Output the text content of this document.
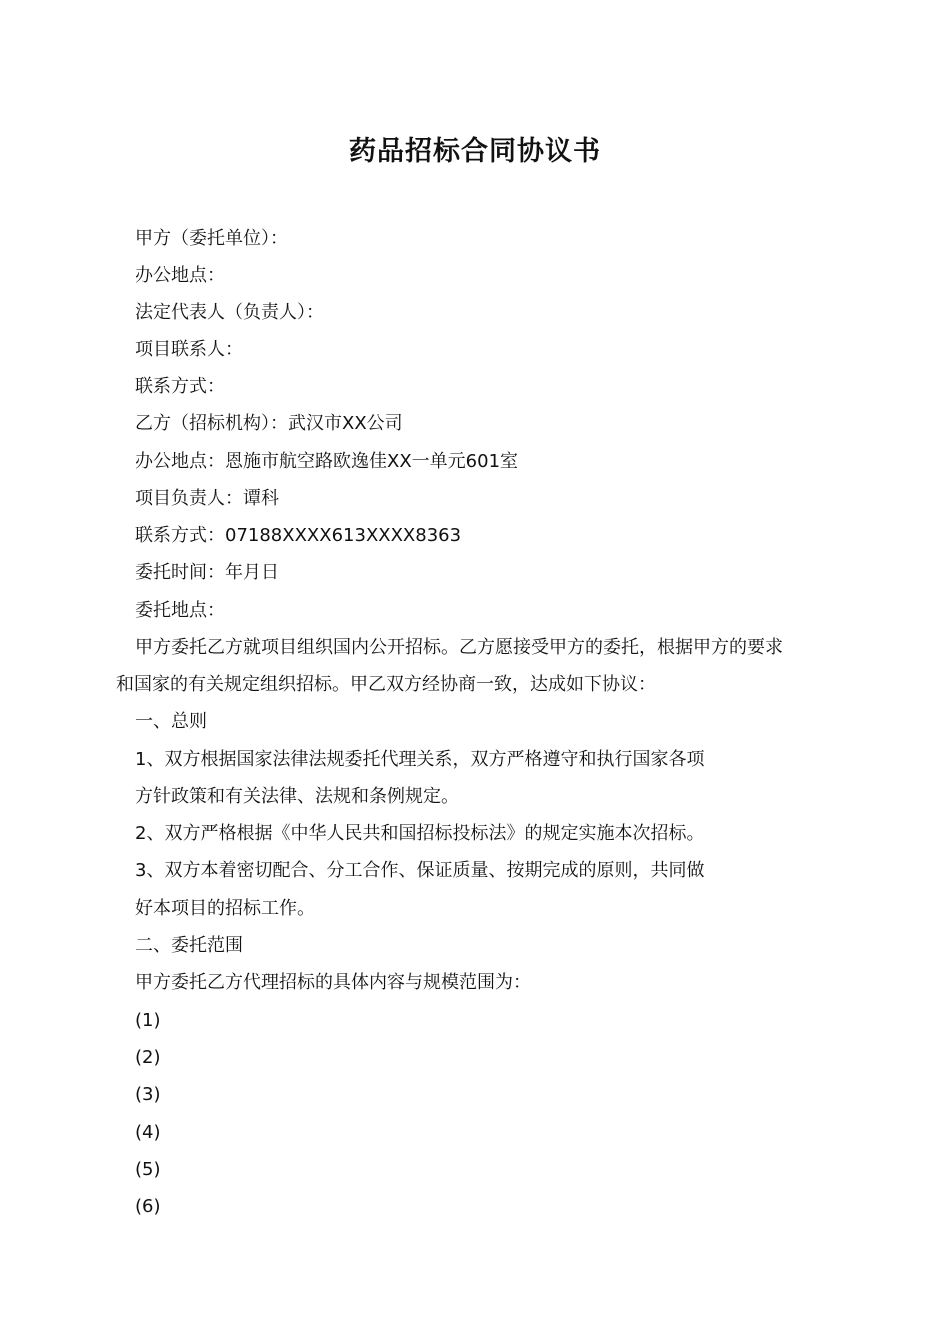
药品招标合同协议书
甲方（委托单位）：
办公地点：
法定代表人（负责人）：
项目联系人：
联系方式：
乙方（招标机构）：武汉市XX公司
办公地点：恩施市航空路欧逸佳XX一单元601室
项目负责人：谭科
联系方式：07188XXXX613XXXX8363
委托时间：年月日
委托地点：
甲方委托乙方就项目组织国内公开招标。乙方愿接受甲方的委托，根据甲方的要求
和国家的有关规定组织招标。甲乙双方经协商一致，达成如下协议：
一、总则
1、双方根据国家法律法规委托代理关系，双方严格遵守和执行国家各项
方针政策和有关法律、法规和条例规定。
2、双方严格根据《中华人民共和国招标投标法》的规定实施本次招标。
3、双方本着密切配合、分工合作、保证质量、按期完成的原则，共同做
好本项目的招标工作。
二、委托范围
甲方委托乙方代理招标的具体内容与规模范围为：
(1)
(2)
(3)
(4)
(5)
(6)
